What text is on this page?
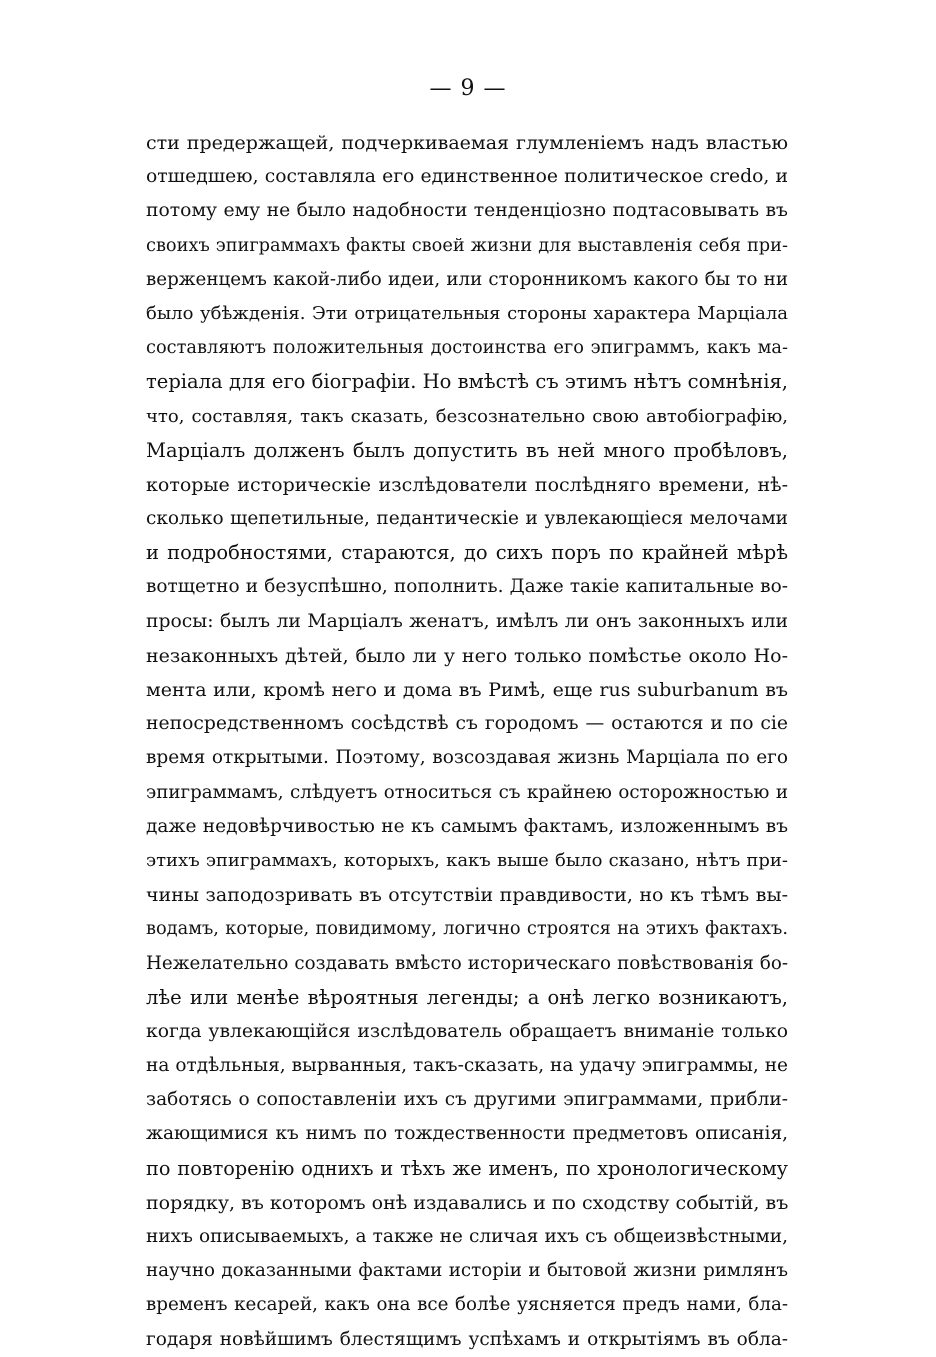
— 9 —
сти предержащей, подчеркиваемая глумленіемъ надъ властью
отшедшею, составляла его единственное политическое credo, и
потому ему не было надобности тенденціозно подтасовывать въ
своихъ эпиграммахъ факты своей жизни для выставленія себя при-
верженцемъ какой-либо идеи, или сторонникомъ какого бы то ни
было убѣжденія. Эти отрицательныя стороны характера Марціала
составляютъ положительныя достоинства его эпиграммъ, какъ ма-
теріала для его біографіи. Но вмѣстѣ съ этимъ нѣтъ сомнѣнія,
что, составляя, такъ сказать, безсознательно свою автобіографію,
Марціалъ долженъ былъ допустить въ ней много пробѣловъ,
которые историческіе изслѣдователи послѣдняго времени, нѣ-
сколько щепетильные, педантическіе и увлекающіеся мелочами
и подробностями, стараются, до сихъ поръ по крайней мѣрѣ
вотщетно и безуспѣшно, пополнить. Даже такіе капитальные во-
просы: былъ ли Марціалъ женатъ, имѣлъ ли онъ законныхъ или
незаконныхъ дѣтей, было ли у него только помѣстье около Но-
мента или, кромѣ него и дома въ Римѣ, еще rus suburbanum въ
непосредственномъ сосѣдствѣ съ городомъ — остаются и по сіе
время открытыми. Поэтому, возсоздавая жизнь Марціала по его
эпиграммамъ, слѣдуетъ относиться съ крайнею осторожностью и
даже недовѣрчивостью не къ самымъ фактамъ, изложеннымъ въ
этихъ эпиграммахъ, которыхъ, какъ выше было сказано, нѣтъ при-
чины заподозривать въ отсутствіи правдивости, но къ тѣмъ вы-
водамъ, которые, повидимому, логично строятся на этихъ фактахъ.
Нежелательно создавать вмѣсто историческаго повѣствованія бо-
лѣе или менѣе вѣроятныя легенды; а онѣ легко возникаютъ,
когда увлекающійся изслѣдователь обращаетъ вниманіе только
на отдѣльныя, вырванныя, такъ-сказать, на удачу эпиграммы, не
заботясь о сопоставленіи ихъ съ другими эпиграммами, прибли-
жающимися къ нимъ по тождественности предметовъ описанія,
по повторенію однихъ и тѣхъ же именъ, по хронологическому
порядку, въ которомъ онѣ издавались и по сходству событій, въ
нихъ описываемыхъ, а также не сличая ихъ съ общеизвѣстными,
научно доказанными фактами исторіи и бытовой жизни римлянъ
временъ кесарей, какъ она все болѣе уясняется предъ нами, бла-
годаря новѣйшимъ блестящимъ успѣхамъ и открытіямъ въ обла-
